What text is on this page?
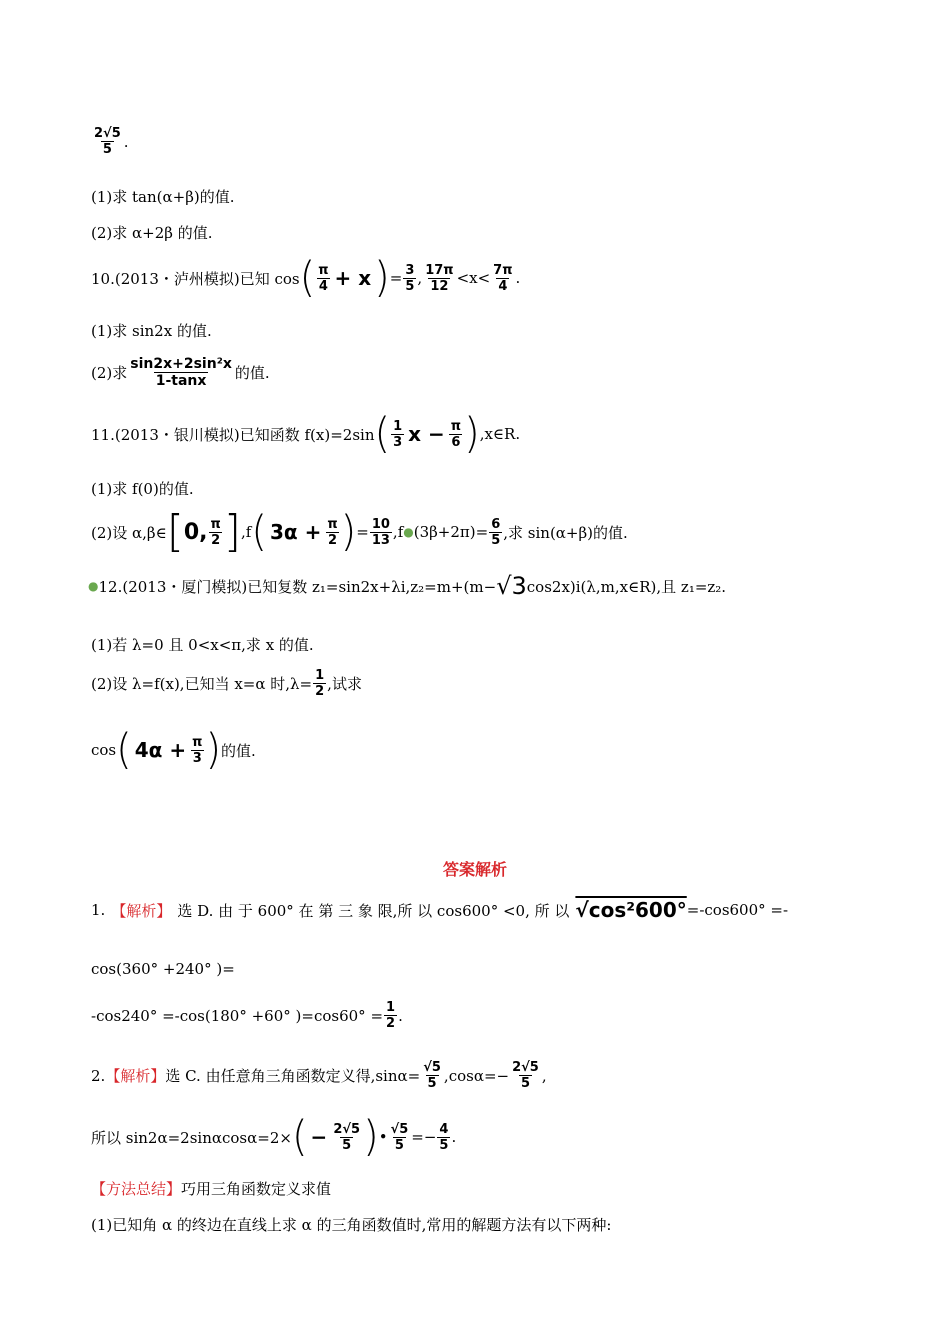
$\frac{2√5}{5}$ .
(1)求 tan(α+β)的值.
(2)求 α+2β 的值.
10.(2013・泸州模拟)已知 cos ( $\frac{\pi}{4} + x$ ) = $\frac{3}{5}$ , $\frac{17\pi}{12} <x< \frac{7\pi}{4}$ .
(1)求 sin2x 的值.
(2)求 $\frac{\text{sin2x+2sin²x}}{1-\tan x}$ 的值.
11.(2013・银川模拟)已知函数 f(x)=2sin ( $\frac{1}{3}$ $x - \frac{\pi}{6}$ ) ,x∈R.
(1)求 f(0)的值.
(2)设 α,β∈ [ 0, $\frac{\pi}{2}$ ] ,f ( $3\alpha + \frac{\pi}{2}$ ) = $\frac{10}{13} ,f$ ● $(3\beta+2\pi) = \frac{6}{5}$ ,求 sin(α+β)的值.
● 12.(2013・厦门模拟)已知复数 z₁=sin2x+λi,z₂=m+(m− √3 cos2x)i(λ,m,x∈R),且 z₁=z₂.
(1)若 λ=0 且 0<x<π,求 x 的值.
(2)设 λ=f(x),已知当 x=α 时$,\lambda= \frac{1}{2}$ ,试求
cos ( $4\alpha + \frac{\pi}{3}$ ) 的值.
答案解析
1. 【解析】 选 D. 由 于 600° 在 第 三 象 限,所 以 cos600° <0, 所 以 √cos²600° =-cos600° =-
cos(360° +240° )=
-cos240° =-cos(180° +60° )$=\cos 60^\circ = \frac{1}{2}$ .
2. 【解析】 选 C. 由任意角三角函数定义得$,\sin\alpha= \frac{√5}{5} ,\cos\alpha=- \frac{2√5}{5}$ ,
所以 sin2α=2sinαcosα=2× ( − $\frac{2√5}{5}$ ) • $\frac{√5}{5} =- \frac{4}{5}$ .
【方法总结】 巧用三角函数定义求值
(1)已知角 α 的终边在直线上求 α 的三角函数值时,常用的解题方法有以下两种:
